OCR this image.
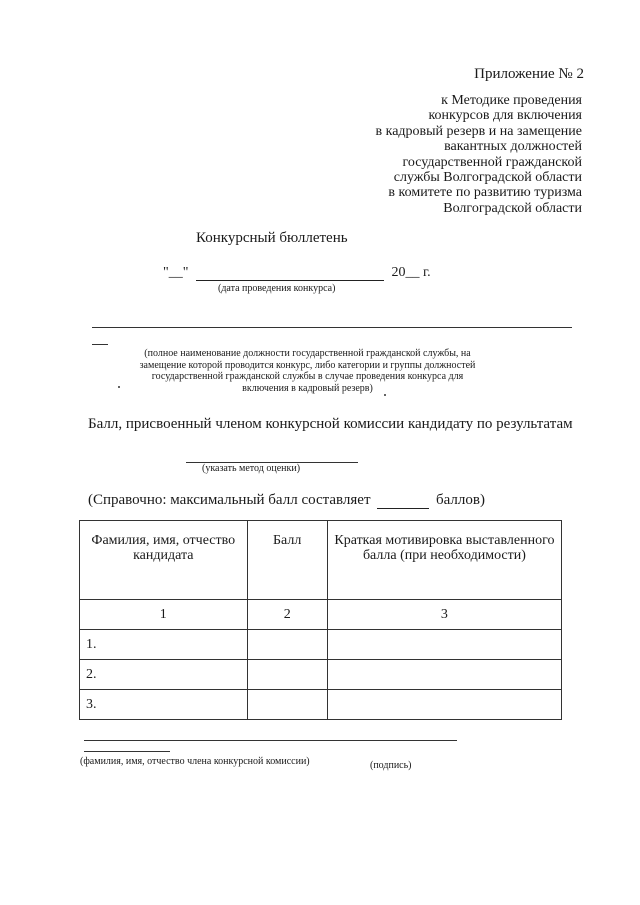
Приложение № 2
к Методике проведения
конкурсов для включения
в кадровый резерв и на замещение
вакантных должностей
государственной гражданской
службы Волгоградской области
в комитете по развитию туризма
Волгоградской области
Конкурсный бюллетень
"__"	20__ г.
(дата проведения конкурса)
(полное наименование должности государственной гражданской службы, на замещение которой проводится конкурс, либо категории и группы должностей государственной гражданской службы в случае проведения конкурса для включения в кадровый резерв)
Балл, присвоенный членом конкурсной комиссии кандидату по результатам
(указать метод оценки)
(Справочно: максимальный балл составляет	баллов)
Фамилия, имя, отчество кандидата	Балл	Краткая мотивировка выставленного балла (при необходимости)
1	2	3
1.		
2.		
3.		
(фамилия, имя, отчество члена конкурсной комиссии)	(подпись)
